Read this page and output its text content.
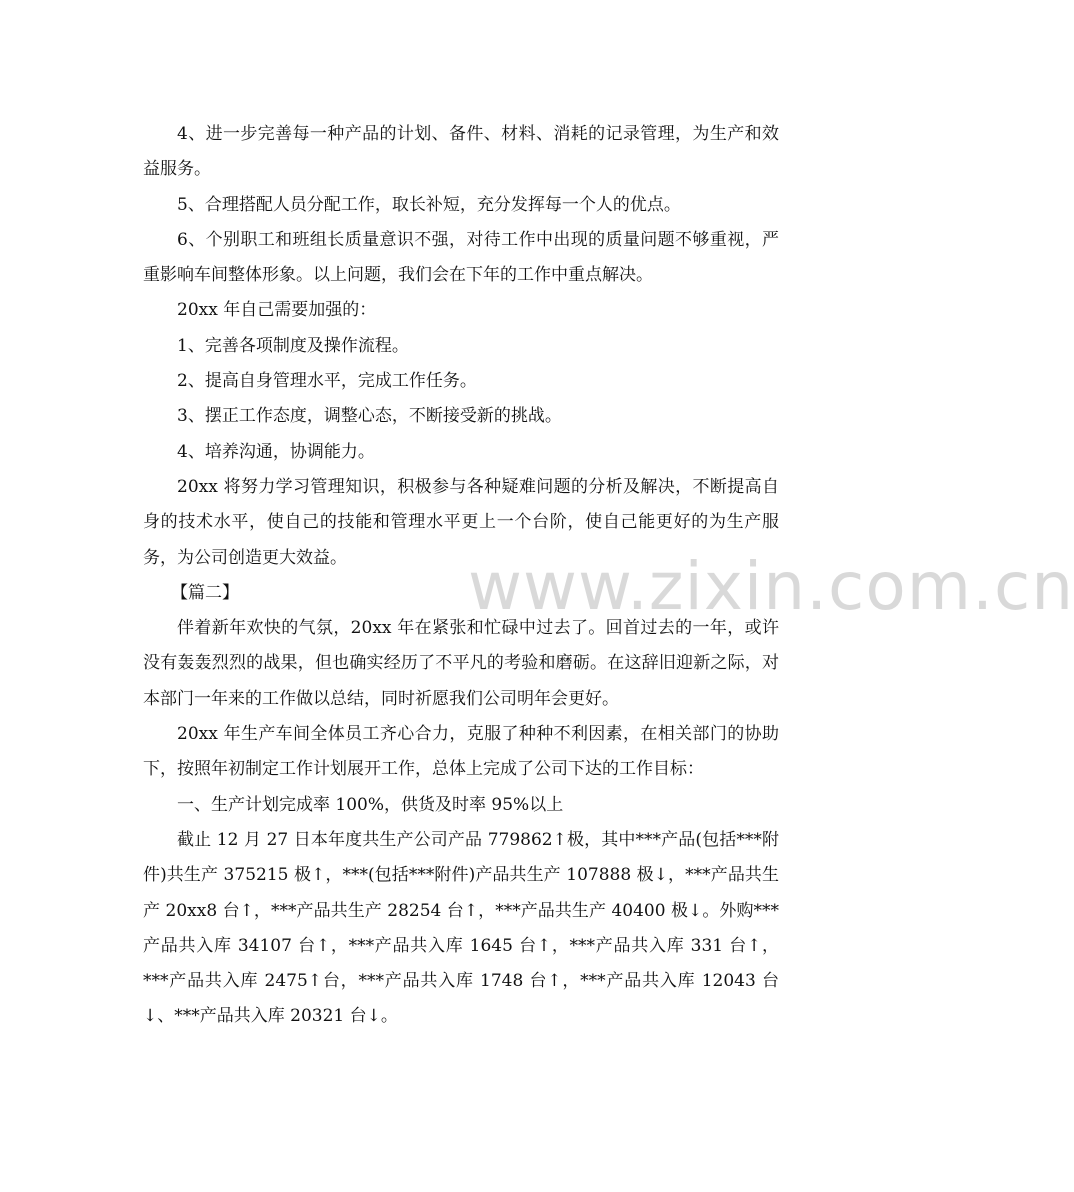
4、进一步完善每一种产品的计划、备件、材料、消耗的记录管理，为生产和效益服务。

5、合理搭配人员分配工作，取长补短，充分发挥每一个人的优点。

6、个别职工和班组长质量意识不强，对待工作中出现的质量问题不够重视，严重影响车间整体形象。以上问题，我们会在下年的工作中重点解决。

20xx 年自己需要加强的：

1、完善各项制度及操作流程。

2、提高自身管理水平，完成工作任务。

3、摆正工作态度，调整心态，不断接受新的挑战。

4、培养沟通，协调能力。

20xx 将努力学习管理知识，积极参与各种疑难问题的分析及解决，不断提高自身的技术水平，使自己的技能和管理水平更上一个台阶，使自己能更好的为生产服务，为公司创造更大效益。

【篇二】

伴着新年欢快的气氛，20xx 年在紧张和忙碌中过去了。回首过去的一年，或许没有轰轰烈烈的战果，但也确实经历了不平凡的考验和磨砺。在这辞旧迎新之际，对本部门一年来的工作做以总结，同时祈愿我们公司明年会更好。

20xx 年生产车间全体员工齐心合力，克服了种种不利因素，在相关部门的协助下，按照年初制定工作计划展开工作，总体上完成了公司下达的工作目标：

一、生产计划完成率 100%，供货及时率 95%以上

截止 12 月 27 日本年度共生产公司产品 779862↑极，其中***产品(包括***附件)共生产 375215 极↑，***(包括***附件)产品共生产 107888 极↓，***产品共生产 20xx8 台↑，***产品共生产 28254 台↑，***产品共生产 40400 极↓。外购***产品共入库 34107 台↑，***产品共入库 1645 台↑，***产品共入库 331 台↑，***产品共入库 2475↑台，***产品共入库 1748 台↑，***产品共入库 12043 台↓、***产品共入库 20321 台↓。

www.zixin.com.cn
